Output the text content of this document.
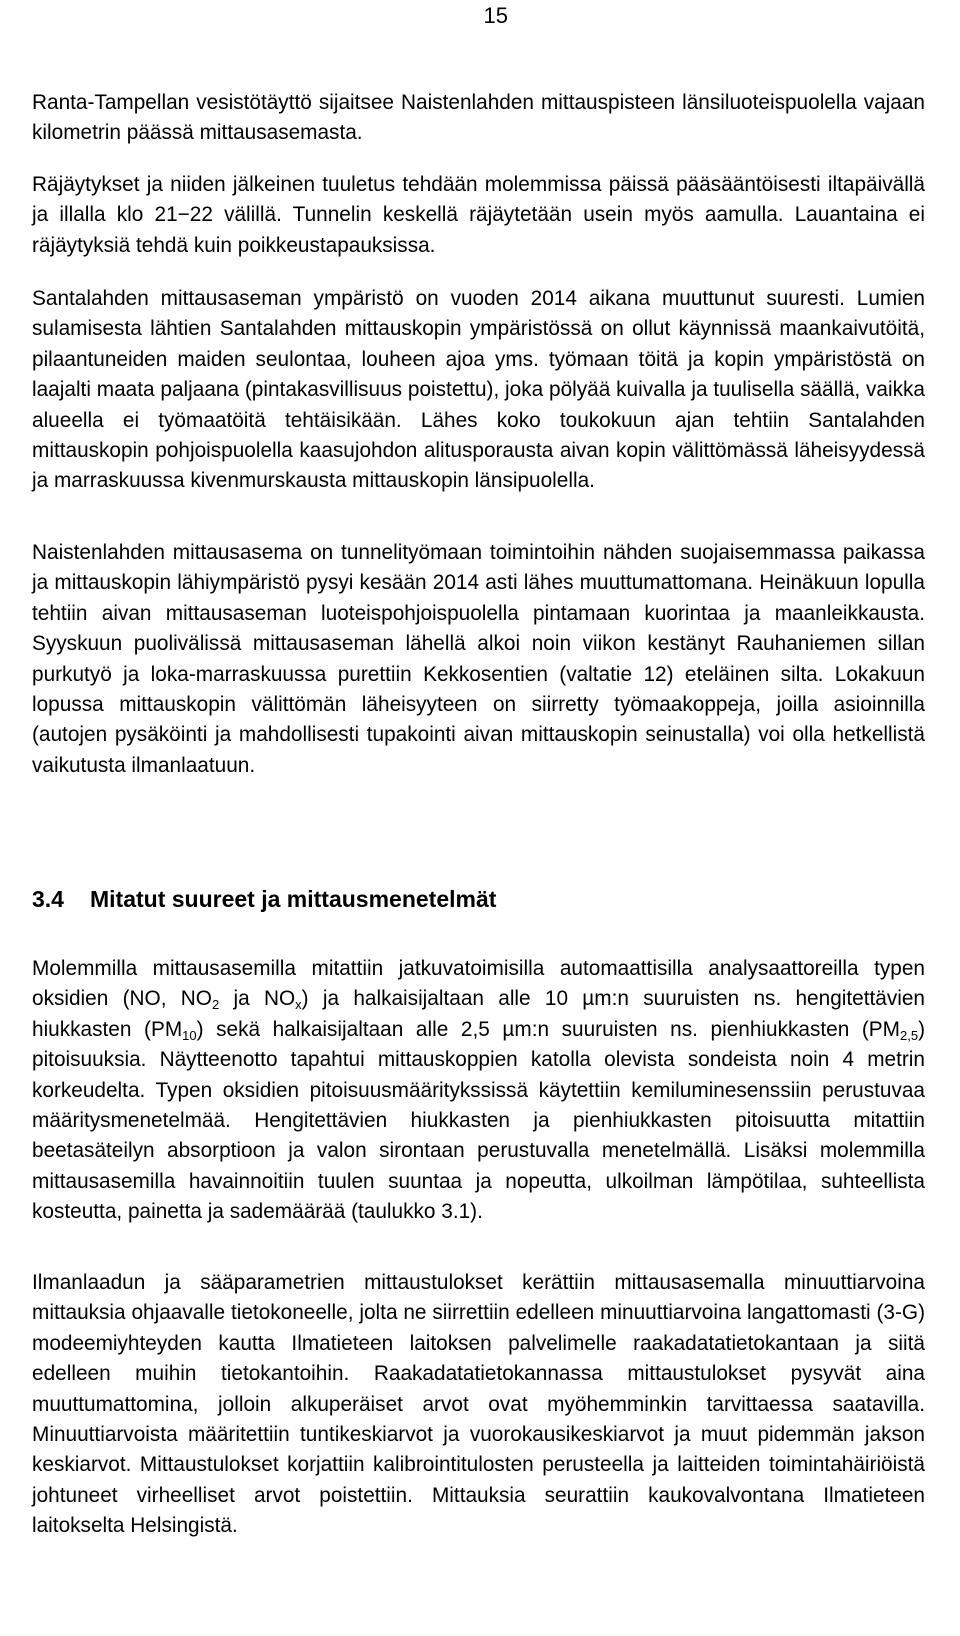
15

Ranta-Tampellan vesistötäyttö sijaitsee Naistenlahden mittauspisteen länsiluoteispuolella vajaan kilometrin päässä mittausasemasta.

Räjäytykset ja niiden jälkeinen tuuletus tehdään molemmissa päissä pääsääntöisesti iltapäivällä ja illalla klo 21−22 välillä. Tunnelin keskellä räjäytetään usein myös aamulla. Lauantaina ei räjäytyksiä tehdä kuin poikkeustapauksissa.

Santalahden mittausaseman ympäristö on vuoden 2014 aikana muuttunut suuresti. Lumien sulamisesta lähtien Santalahden mittauskopin ympäristössä on ollut käynnissä maankaivutöitä, pilaantuneiden maiden seulontaa, louheen ajoa yms. työmaan töitä ja kopin ympäristöstä on laajalti maata paljaana (pintakasvillisuus poistettu), joka pölyää kuivalla ja tuulisella säällä, vaikka alueella ei työmaatöitä tehtäisikään. Lähes koko toukokuun ajan tehtiin Santalahden mittauskopin pohjoispuolella kaasujohdon alitusporausta aivan kopin välittömässä läheisyydessä ja marraskuussa kivenmurskausta mittauskopin länsipuolella.

Naistenlahden mittausasema on tunnelityömaan toimintoihin nähden suojaisemmassa paikassa ja mittauskopin lähiympäristö pysyi kesään 2014 asti lähes muuttumattomana. Heinäkuun lopulla tehtiin aivan mittausaseman luoteispohjoispuolella pintamaan kuorintaa ja maanleikkausta. Syyskuun puolivälissä mittausaseman lähellä alkoi noin viikon kestänyt Rauhaniemen sillan purkutyö ja loka-marraskuussa purettiin Kekkosentien (valtatie 12) eteläinen silta. Lokakuun lopussa mittauskopin välittömän läheisyyteen on siirretty työmaakoppeja, joilla asioinnilla (autojen pysäköinti ja mahdollisesti tupakointi aivan mittauskopin seinustalla) voi olla hetkellistä vaikutusta ilmanlaatuun.

3.4	Mitatut suureet ja mittausmenetelmät

Molemmilla mittausasemilla mitattiin jatkuvatoimisilla automaattisilla analysaattoreilla typen oksidien (NO, $NO_2$ ja $NO_x$) ja halkaisijaltaan alle 10 µm:n suuruisten ns. hengitettävien hiukkasten $(PM_{10})$ sekä halkaisijaltaan alle 2,5 µm:n suuruisten ns. pienhiukkasten $(PM_{2,5})$ pitoisuuksia. Näytteenotto tapahtui mittauskoppien katolla olevista sondeista noin 4 metrin korkeudelta. Typen oksidien pitoisuusmääritykssissä käytettiin kemiluminesenssiin perustuvaa määritysmenetelmää. Hengitettävien hiukkasten ja pienhiukkasten pitoisuutta mitattiin beetasäteilyn absorptioon ja valon sirontaan perustuvalla menetelmällä. Lisäksi molemmilla mittausasemilla havainnoitiin tuulen suuntaa ja nopeutta, ulkoilman lämpötilaa, suhteellista kosteutta, painetta ja sademäärää (taulukko 3.1).

Ilmanlaadun ja sääparametrien mittaustulokset kerättiin mittausasemalla minuuttiarvoina mittauksia ohjaavalle tietokoneelle, jolta ne siirrettiin edelleen minuuttiarvoina langattomasti (3-G) modeemiyhteyden kautta Ilmatieteen laitoksen palvelimelle raakadatatietokantaan ja siitä edelleen muihin tietokantoihin. Raakadatatietokannassa mittaustulokset pysyvät aina muuttumattomina, jolloin alkuperäiset arvot ovat myöhemminkin tarvittaessa saatavilla. Minuuttiarvoista määritettiin tuntikeskiarvot ja vuorokausikeskiarvot ja muut pidemmän jakson keskiarvot. Mittaustulokset korjattiin kalibrointitulosten perusteella ja laitteiden toimintahäiriöistä johtuneet virheelliset arvot poistettiin. Mittauksia seurattiin kaukovalvontana Ilmatieteen laitokselta Helsingistä.
